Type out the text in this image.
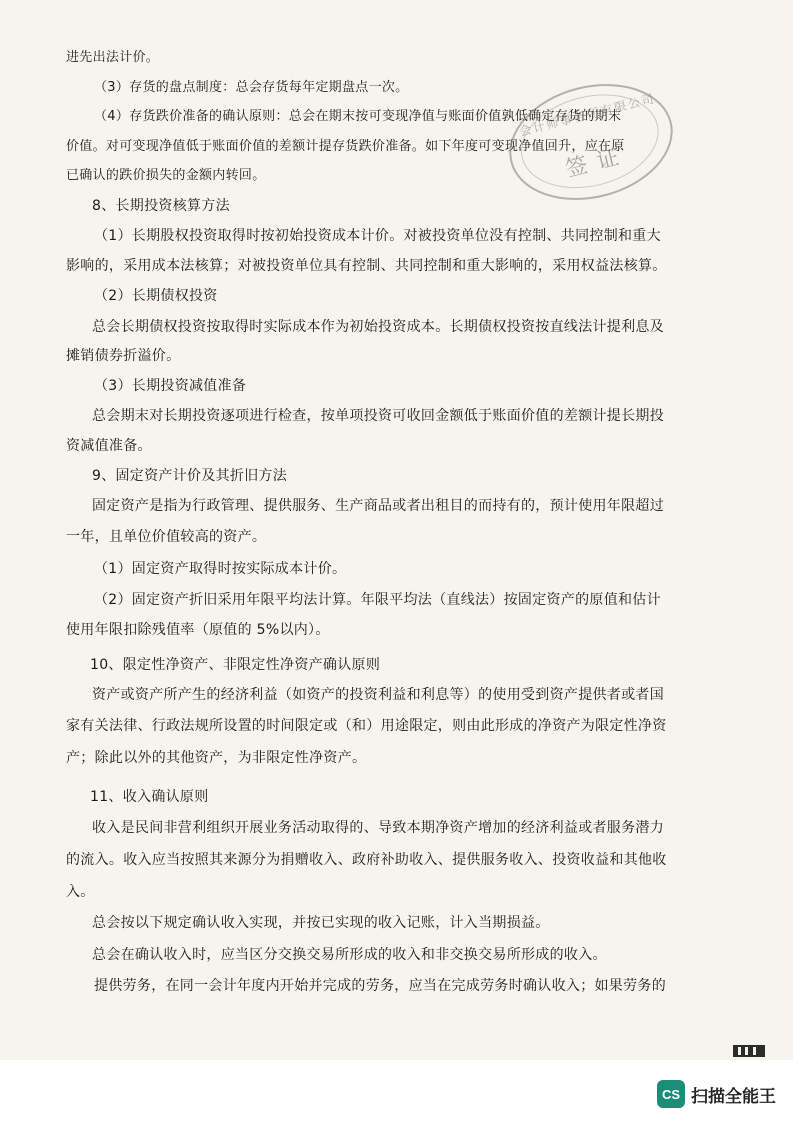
进先出法计价。
（3）存货的盘点制度：总会存货每年定期盘点一次。
（4）存货跌价准备的确认原则：总会在期末按可变现净值与账面价值孰低确定存货的期末
价值。对可变现净值低于账面价值的差额计提存货跌价准备。如下年度可变现净值回升，应在原
已确认的跌价损失的金额内转回。
8、长期投资核算方法
（1）长期股权投资取得时按初始投资成本计价。对被投资单位没有控制、共同控制和重大
影响的，采用成本法核算；对被投资单位具有控制、共同控制和重大影响的，采用权益法核算。
（2）长期债权投资
总会长期债权投资按取得时实际成本作为初始投资成本。长期债权投资按直线法计提利息及
摊销债券折溢价。
（3）长期投资减值准备
总会期末对长期投资逐项进行检查，按单项投资可收回金额低于账面价值的差额计提长期投
资减值准备。
9、固定资产计价及其折旧方法
固定资产是指为行政管理、提供服务、生产商品或者出租目的而持有的，预计使用年限超过
一年，且单位价值较高的资产。
（1）固定资产取得时按实际成本计价。
（2）固定资产折旧采用年限平均法计算。年限平均法（直线法）按固定资产的原值和估计
使用年限扣除残值率（原值的 5%以内）。
10、限定性净资产、非限定性净资产确认原则
资产或资产所产生的经济利益（如资产的投资利益和利息等）的使用受到资产提供者或者国
家有关法律、行政法规所设置的时间限定或（和）用途限定，则由此形成的净资产为限定性净资
产；除此以外的其他资产，为非限定性净资产。
11、收入确认原则
收入是民间非营利组织开展业务活动取得的、导致本期净资产增加的经济利益或者服务潜力
的流入。收入应当按照其来源分为捐赠收入、政府补助收入、提供服务收入、投资收益和其他收
入。
总会按以下规定确认收入实现，并按已实现的收入记账，计入当期损益。
总会在确认收入时，应当区分交换交易所形成的收入和非交换交易所形成的收入。
提供劳务，在同一会计年度内开始并完成的劳务，应当在完成劳务时确认收入；如果劳务的
会计师事务所有限公司
签证
CS 扫描全能王
